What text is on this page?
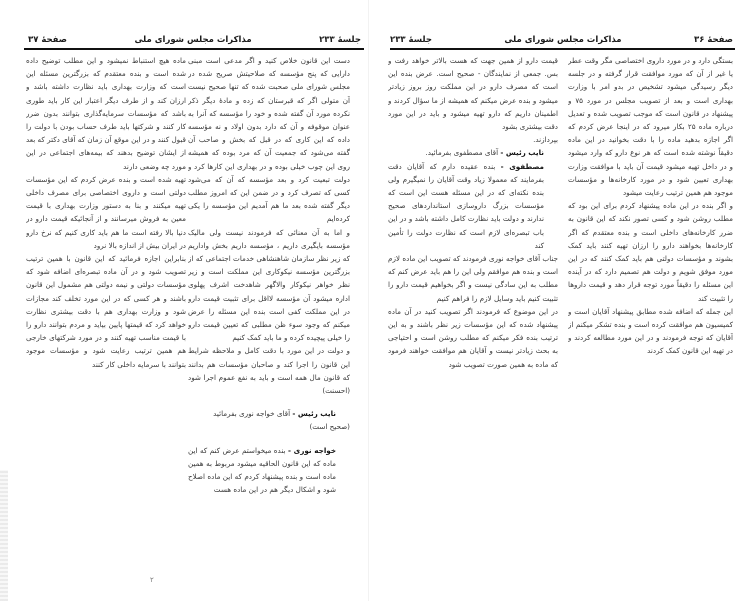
جلسهٔ ۲۳۳
مذاکرات مجلس شورای ملی
صفحهٔ ۳۷

دست این قانون خلاص کنید و اگر مدعی است مبنی دارایی که پنج مؤسسه که صلاحیتش صریح شده در مجلس شورای ملی صحبت شده که تنها صحیح نیست آن متولی اگر که قبرستان که زده و مادهٔ دیگر ذکر نکرده مورد آن گفته شده و خود را مؤسسه که آنرا به عنوان موقوفه و آن که دارد بدون اولاد و نه مؤسسه داده که این کاری که در قبل که بخش و صاحب آن گفته می‌شود که جمعیت آن که مرد بوده که همیشه روی این چوب خیلی بوده و در بهداری این کارها کرد و دولت تبعیت کرد و بعد مؤسسه که آن که می‌شود کسی که تصرف کرد و در ضمن این که امروز مطلب دیگر گفته شده بعد ما هم آمدیم این مؤسسه را یکی کرده‌ایم

و اما به آن معنائی که فرمودند نیست ولی مالیک مؤسسه بایگیری داریم ، مؤسسه داریم بخش واداریم که زیر نظر سازمان شاهنشاهی خدمات اجتماعی که از بزرگترین مؤسسه نیکوکاری این مملکت است و زیر نظر خواهر نیکوکار والاگهر شاهدخت اشرف پهلوی اداره میشود آن مؤسسه لااقل برای تثبیت قیمت دارو در این مملکت کفی است بنده این مسئله را عرض میکنم که وجود سوء ظن مطلبی که تعیین قیمت دارو را خیلی پیچیده کرده و ما باید کمک کنیم

و دولت در این مورد با دقت کامل و ملاحظه شرایط این قانون را اجرا کند و صاحبان مؤسسات هم بدانند که قانون مال همه است و باید به نفع عموم اجرا شود (احسنت)

نایب رئیس - آقای خواجه نوری بفرمائید

(صحیح است)

خواجه نوری - بنده میخواستم عرض کنم که این ماده که این قانون الحاقیه میشود مربوط به همین ماده است و بنده پیشنهاد کردم که این ماده اصلاح شود و اشکال دیگر هم در این ماده هست

ماده هیچ استنباط نمیشود و این مطلب توضیح داده شده است و بنده معتقدم که بزرگترین مسئله این است که وزارت بهداری باید نظارت داشته باشد و ارزان کند و از طرف دیگر اعتبار این کار باید طوری باشد که مؤسسات سرمایه‌گذاری بتوانند بدون ضرر کار کنند و شرکتها باید طرف حساب بودن با دولت را قبول کنند و در این موقع آن زمان که آقای دکتر که بعد از ایشان توضیح بدهند که بیمه‌های اجتماعی در این مورد چه وضعی دارند

تهیه شده است و بنده عرض کردم که این مؤسسات دولتی است و داروی اختصاصی برای مصرف داخلی تهیه میکنند و بنا به دستور وزارت بهداری با قیمت معین به فروش میرسانند و از آنجائیکه قیمت دارو در دنیا بالا رفته است ما هم باید کاری کنیم که نرخ دارو در ایران بیش از اندازه بالا نرود

بنابراین اجازه فرمائید که این قانون با همین ترتیب تصویب شود و در آن ماده تبصره‌ای اضافه شود که مؤسسات دولتی و نیمه دولتی هم مشمول این قانون باشند و هر کسی که در این مورد تخلف کند مجازات شود و وزارت بهداری هم با دقت بیشتری نظارت خواهد کرد که قیمتها پایین بیاید و مردم بتوانند دارو را با قیمت مناسب تهیه کنند و در مورد شرکتهای خارجی هم همین ترتیب رعایت شود و مؤسسات موجود بتوانند با سرمایه داخلی کار کنند

۲
صفحهٔ ۳۶
مذاکرات مجلس شورای ملی
جلسهٔ ۲۳۳

بستگی دارد و در مورد داروی اختصاصی مگر وقت عطر یا غیر از آن که مورد موافقت قرار گرفته و در جلسه دیگر رسیدگی میشود تشخیص در بدو امر با وزارت بهداری است و بعد از تصویب مجلس در مورد ۷۵ و پیشنهاد در قانون است که موجب تصویب شده و تعدیل درباره ماده ۲۵ بکار میرود که در اینجا عرض کردم که اگر اجازه بدهید ماده را با دقت بخوانید در این ماده دقیقاً نوشته شده است که هر نوع دارو که وارد میشود و در داخل تهیه میشود قیمت آن باید با موافقت وزارت بهداری تعیین شود و در مورد کارخانه‌ها و مؤسسات موجود هم همین ترتیب رعایت میشود

و اگر بنده در این ماده پیشنهاد کردم برای این بود که مطلب روشن شود و کسی تصور نکند که این قانون به ضرر کارخانه‌های داخلی است و بنده معتقدم که اگر کارخانه‌ها بخواهند دارو را ارزان تهیه کنند باید کمک بشوند و مؤسسات دولتی هم باید کمک کنند که در این مورد موفق شویم و دولت هم تصمیم دارد که در آینده این مسئله را دقیقاً مورد توجه قرار دهد و قیمت داروها را تثبیت کند

این جمله که اضافه شده مطابق پیشنهاد آقایان است و کمیسیون هم موافقت کرده است و بنده تشکر میکنم از آقایان که توجه فرمودند و در این مورد مطالعه کردند و در تهیه این قانون کمک کردند

قیمت دارو از همین جهت که هست بالاتر خواهد رفت و بس. جمعی از نمایندگان - صحیح است. عرض بنده این است که مصرف دارو در این مملکت روز بروز زیادتر میشود و بنده عرض میکنم که همیشه از ما سؤال کردند و اطمینان داریم که دارو تهیه میشود و باید در این مورد دقت بیشتری بشود

بپردازند.

نایب رئیس - آقای مصطفوی بفرمائید.

مصطفوی - بنده عقیده دارم که آقایان دقت بفرمایند که معمولا زیاد وقت آقایان را نمیگیرم ولی بنده نکته‌ای که در این مسئله هست این است که مؤسسات بزرگ داروسازی استانداردهای صحیح ندارند و دولت باید نظارت کامل داشته باشد و در این باب تبصره‌ای لازم است که نظارت دولت را تأمین کند

جناب آقای خواجه نوری فرمودند که تصویب این ماده لازم است و بنده هم موافقم ولی این را هم باید عرض کنم که مطلب به این سادگی نیست و اگر بخواهیم قیمت دارو را تثبیت کنیم باید وسایل لازم را فراهم کنیم

در این موضوع که فرمودند اگر تصویب کنید در آن ماده پیشنهاد شده که این مؤسسات زیر نظر باشند و به این ترتیب بنده فکر میکنم که مطلب روشن است و احتیاجی به بحث زیادتر نیست و آقایان هم موافقت خواهند فرمود که ماده به همین صورت تصویب شود
